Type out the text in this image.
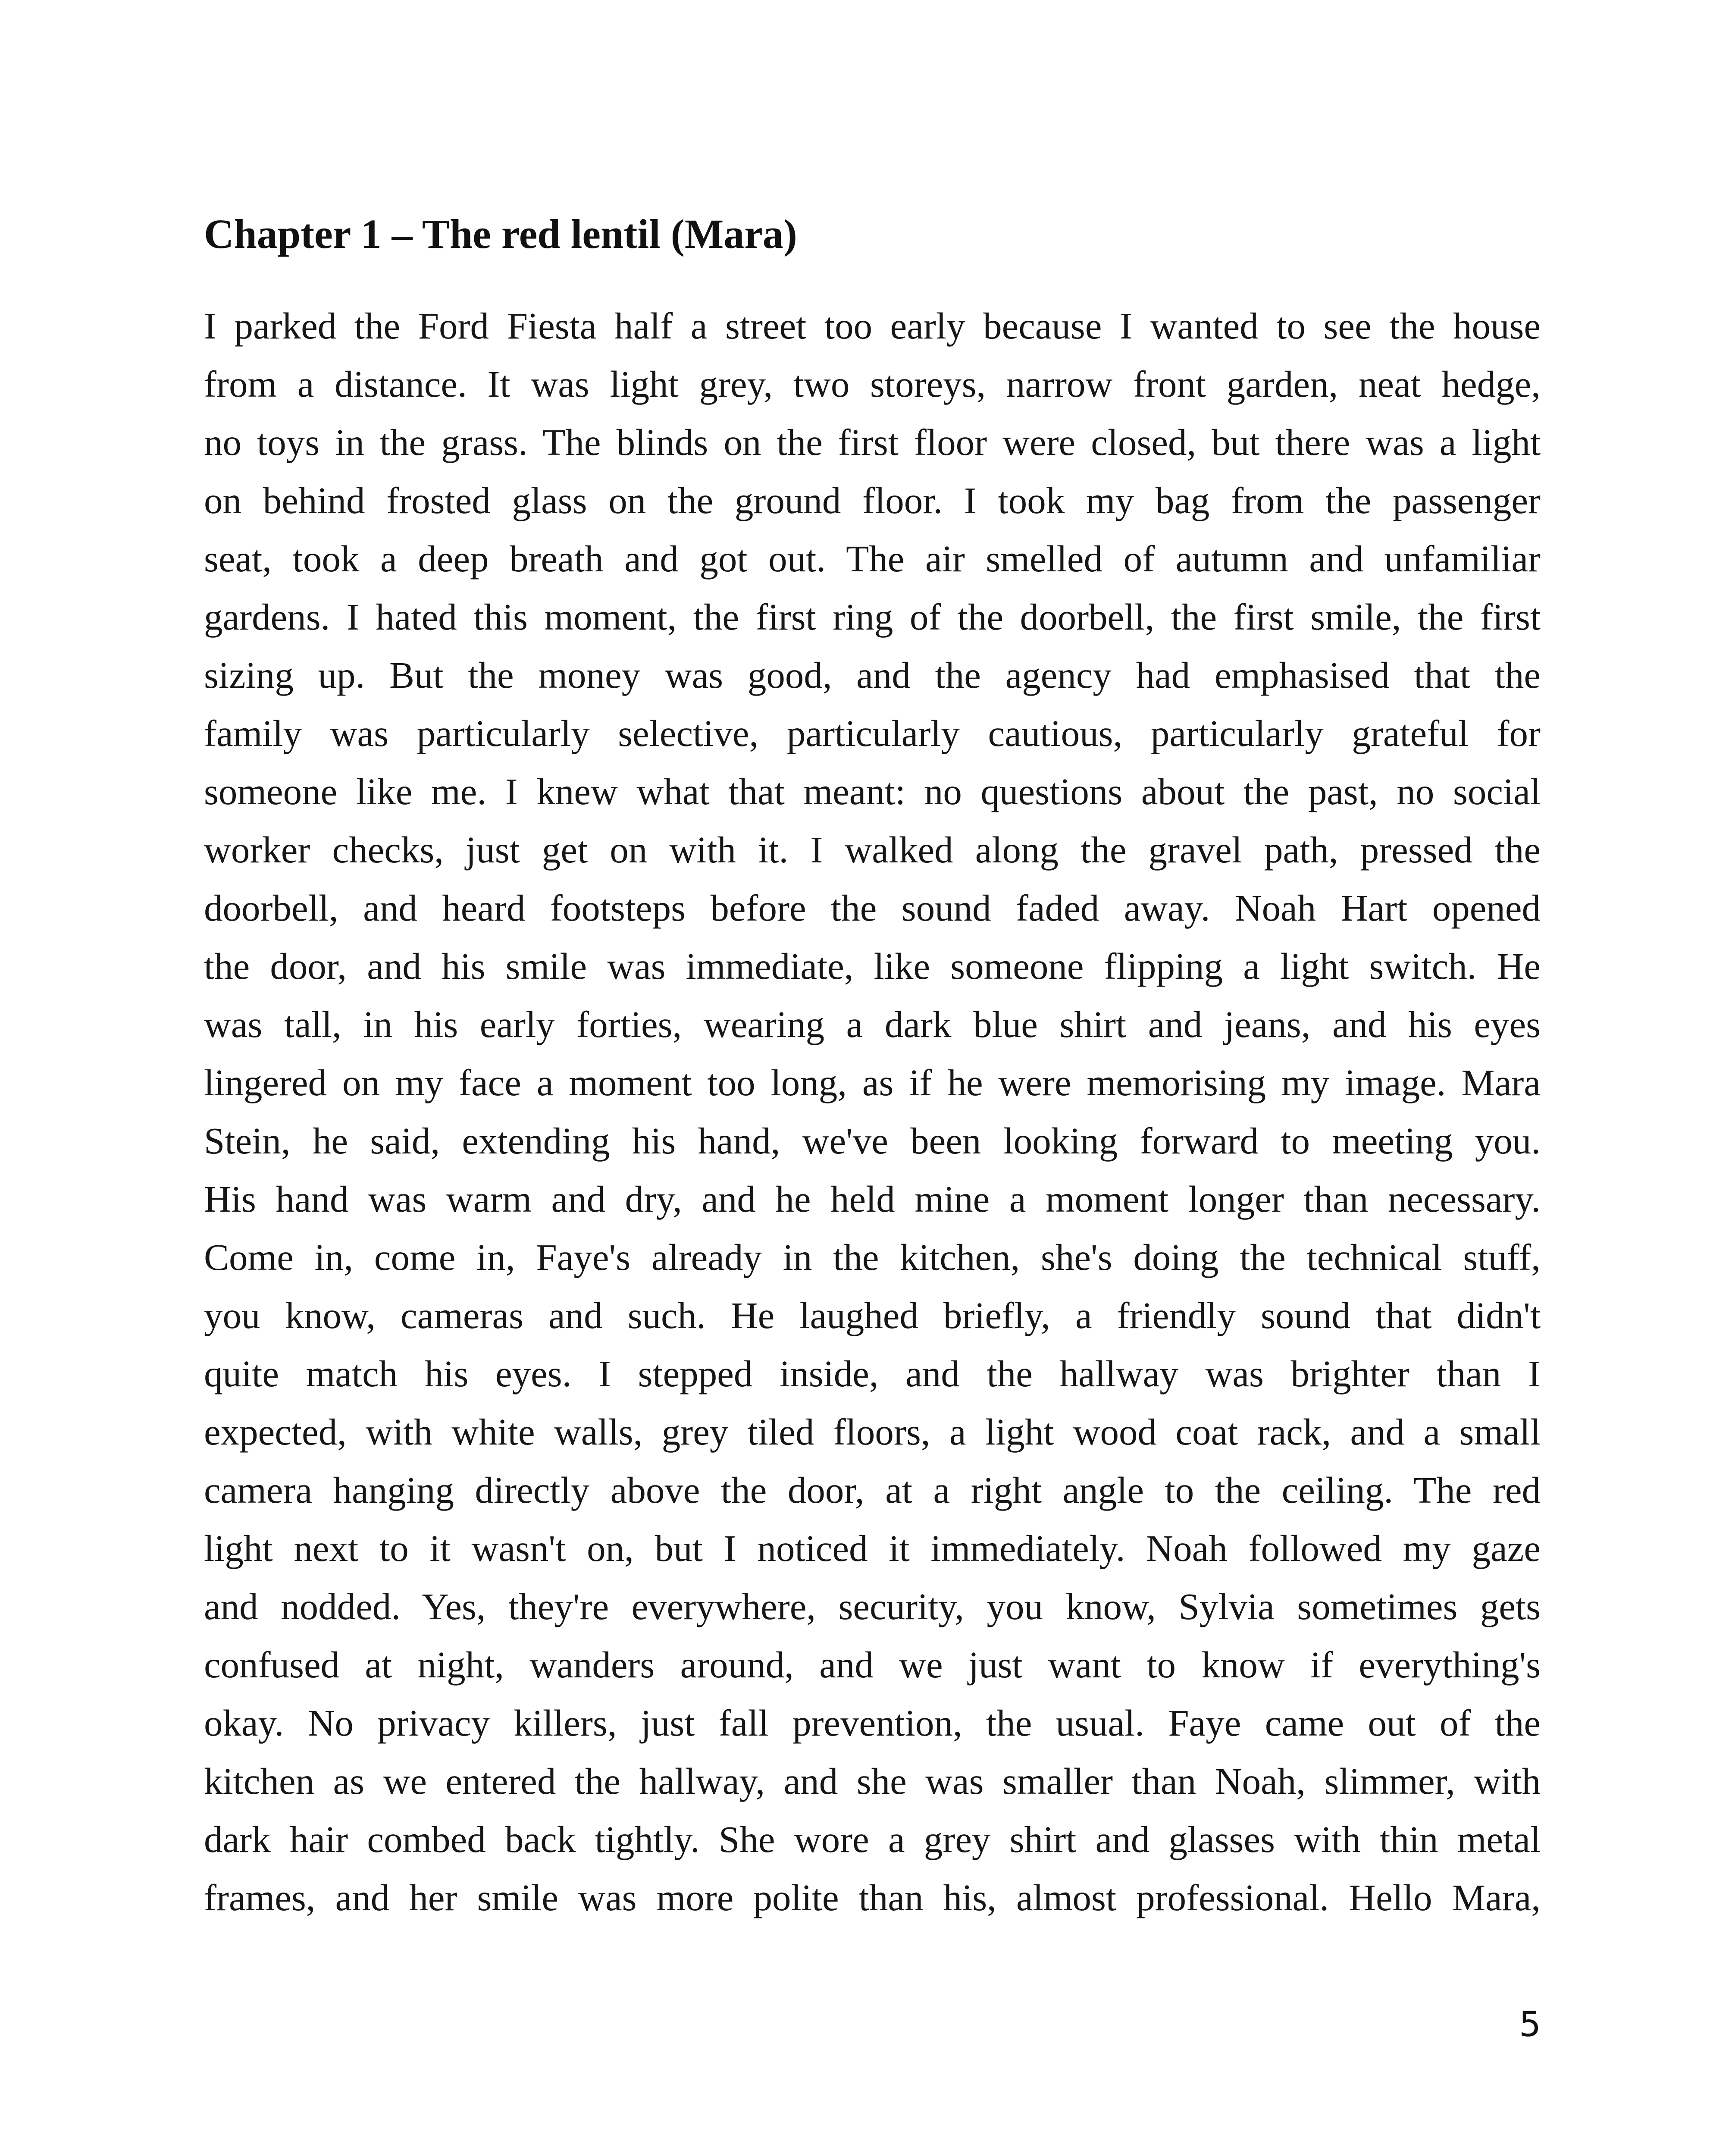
Chapter 1 – The red lentil (Mara)
I parked the Ford Fiesta half a street too early because I wanted to see the house
from a distance. It was light grey, two storeys, narrow front garden, neat hedge,
no toys in the grass. The blinds on the first floor were closed, but there was a light
on behind frosted glass on the ground floor. I took my bag from the passenger
seat, took a deep breath and got out. The air smelled of autumn and unfamiliar
gardens. I hated this moment, the first ring of the doorbell, the first smile, the first
sizing up. But the money was good, and the agency had emphasised that the
family was particularly selective, particularly cautious, particularly grateful for
someone like me. I knew what that meant: no questions about the past, no social
worker checks, just get on with it. I walked along the gravel path, pressed the
doorbell, and heard footsteps before the sound faded away. Noah Hart opened
the door, and his smile was immediate, like someone flipping a light switch. He
was tall, in his early forties, wearing a dark blue shirt and jeans, and his eyes
lingered on my face a moment too long, as if he were memorising my image. Mara
Stein, he said, extending his hand, we've been looking forward to meeting you.
His hand was warm and dry, and he held mine a moment longer than necessary.
Come in, come in, Faye's already in the kitchen, she's doing the technical stuff,
you know, cameras and such. He laughed briefly, a friendly sound that didn't
quite match his eyes. I stepped inside, and the hallway was brighter than I
expected, with white walls, grey tiled floors, a light wood coat rack, and a small
camera hanging directly above the door, at a right angle to the ceiling. The red
light next to it wasn't on, but I noticed it immediately. Noah followed my gaze
and nodded. Yes, they're everywhere, security, you know, Sylvia sometimes gets
confused at night, wanders around, and we just want to know if everything's
okay. No privacy killers, just fall prevention, the usual. Faye came out of the
kitchen as we entered the hallway, and she was smaller than Noah, slimmer, with
dark hair combed back tightly. She wore a grey shirt and glasses with thin metal
frames, and her smile was more polite than his, almost professional. Hello Mara,
5
